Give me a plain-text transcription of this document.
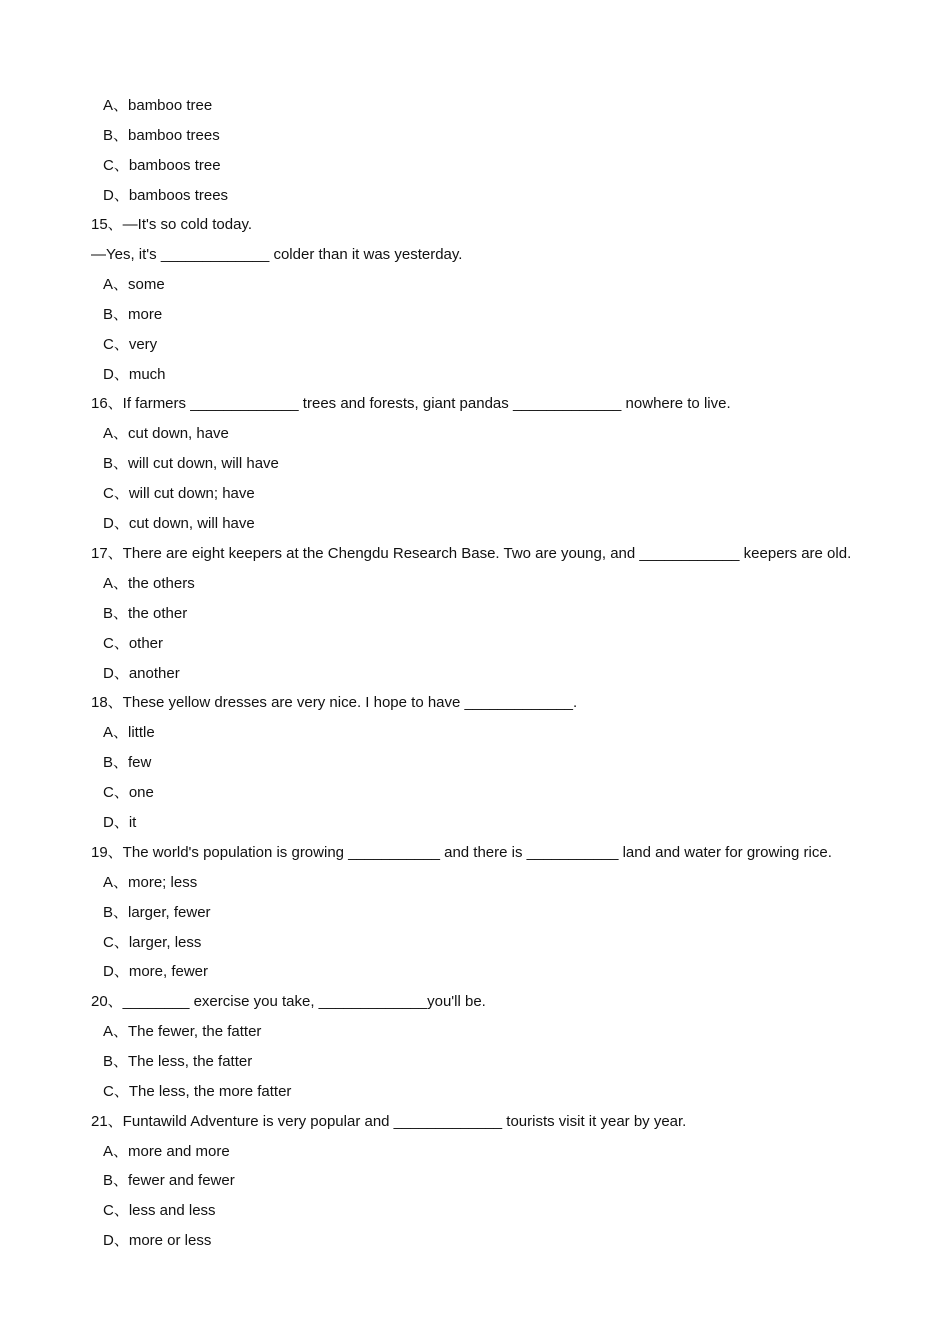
A、bamboo tree
B、bamboo trees
C、bamboos tree
D、bamboos trees
15、—It's so cold today.
—Yes, it's _____________ colder than it was yesterday.
A、some
B、more
C、very
D、much
16、If farmers _____________ trees and forests, giant pandas _____________ nowhere to live.
A、cut down, have
B、will cut down, will have
C、will cut down; have
D、cut down, will have
17、There are eight keepers at the Chengdu Research Base. Two are young, and ____________ keepers are old.
A、the others
B、the other
C、other
D、another
18、These yellow dresses are very nice. I hope to have _____________.
A、little
B、few
C、one
D、it
19、The world's population is growing ___________ and there is ___________ land and water for growing rice.
A、more; less
B、larger, fewer
C、larger, less
D、more, fewer
20、________ exercise you take, _____________you'll be.
A、The fewer, the fatter
B、The less, the fatter
C、The less, the more fatter
21、Funtawild Adventure is very popular and _____________ tourists visit it year by year.
A、more and more
B、fewer and fewer
C、less and less
D、more or less
